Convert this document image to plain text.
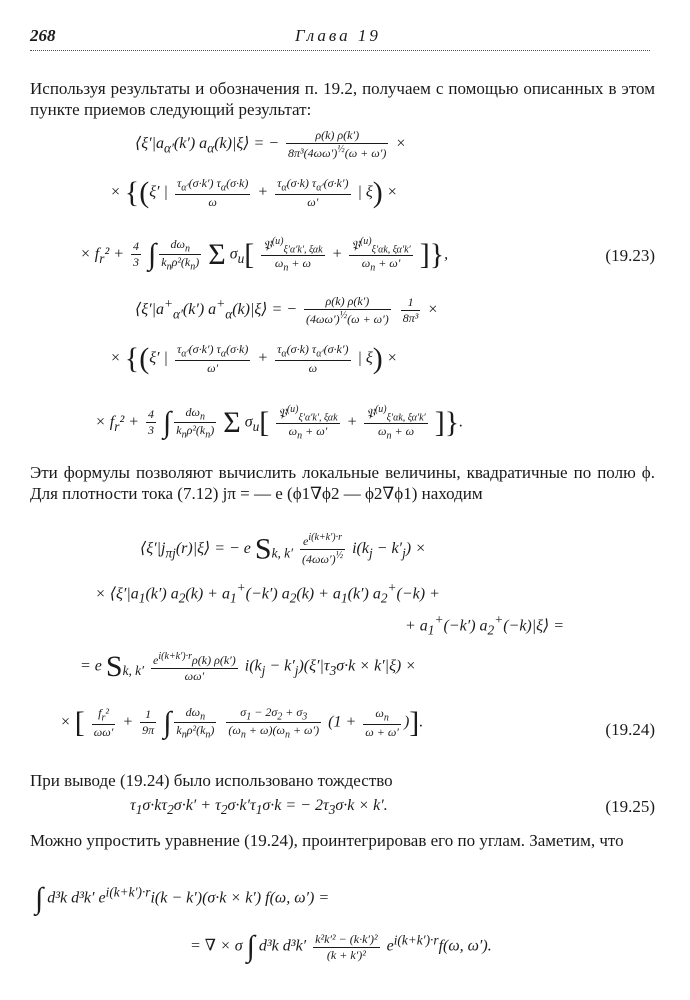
268	Глава 19
Используя результаты и обозначения п. 19.2, получаем с помощью описанных в этом пункте приемов следующий результат:
$⟨\xi'|a_{\alpha'}(k')$ $a_\alpha(k)|\xi⟩$ = − $\frac{\rho(k) \rho(k')}{8\pi^3(4\omega\omega')^{\frac{1}{2}}(\omega + \omega')}$ ×
× {(ξ′ | $\frac{\tau_{\alpha'}(\sigma\cdot k') \tau_\alpha(\sigma\cdot k)}{\omega} + \frac{\tau_\alpha(\sigma\cdot k) \tau_{\alpha'}(\sigma\cdot k')}{\omega'}$ | ξ) ×
× $f_r^2 + \frac{4}{3}$ ∫ $\frac{d\omega_n}{k_n\rho^2(k_n)}$ Σ $\sigma_u[ \frac{𝔓^{(u)}_{\xi'\alpha'k', \xi\alpha k}}{\omega_n + \omega} + \frac{𝔓^{(u)}_{\xi'\alpha k, \xi\alpha'k'}}{\omega_n + \omega'}$ ]},	(19.23)
$⟨\xi'|a^+_{\alpha'}(k')$ $a^+_\alpha(k)|\xi⟩$ = − $\frac{\rho(k) \rho(k')}{(4\omega\omega')^{\frac{1}{2}}(\omega + \omega')}$
$\frac{1}{\text{8π³}}$ ×
× {(ξ′ | $\frac{\tau_{\alpha'}(\sigma\cdot k') \tau_\alpha(\sigma\cdot k)}{\omega'} + \frac{\tau_\alpha(\sigma\cdot k) \tau_{\alpha'}(\sigma\cdot k')}{\omega}$ | ξ) ×
× $f_r^2 + \frac{4}{3}$ ∫ $\frac{d\omega_n}{k_n\rho^2(k_n)}$ Σ $\sigma_u[ \frac{𝔓^{(u)}_{\xi'\alpha'k', \xi\alpha k}}{\omega_n + \omega'} + \frac{𝔓^{(u)}_{\xi'\alpha k, \xi\alpha'k'}}{\omega_n + \omega}$ ]}.
Эти формулы позволяют вычислить локальные величины, квадратичные по полю ϕ. Для плотности тока (7.12) jπ = — e (ϕ1∇ϕ2 — ϕ2∇ϕ1) находим
$⟨\xi'|j_{\pi j}(r)|\xi⟩$ = − e $S_{k, k'} \frac{e^{i(k+k')\cdot r}}{(4\omega\omega')^{\frac{1}{2}}} i(k_j - k'_j)$ ×
× $⟨\xi'|a_1(k') a_2(k) + a_1^+(-k') a_2(k) + a_1(k') a_2^+(-k)$ +
+ $a_1^+(-k')$ $a_2^+(-k)|\xi⟩$ =
= e $S_{k, k'} \frac{e^{i(k+k')\cdot r}\rho(k) \rho(k')}{\omega\omega'} i(k_j - k'_j)(\xi'|\tau_3\sigma\cdot k \times k'|\xi)$ ×
× [ $\frac{f_r^2}{\omega\omega'} + \frac{1}{9\pi}$ ∫ $\frac{d\omega_n}{k_n\rho^2(k_n)}$
$\frac{\sigma_1 - 2\sigma_2 + \sigma_3}{(\omega_n + \omega)(\omega_n + \omega')} (1 + \frac{\omega_n}{\omega + \omega'}$ )].	(19.24)
При выводе (19.24) было использовано тождество
$\tau_1\sigma\cdot k\tau_2\sigma\cdot k' + \tau_2\sigma\cdot k'\tau_1\sigma\cdot k$ = − $2\tau_3\sigma\cdot k \times k'$.	(19.25)
Можно упростить уравнение (19.24), проинтегрировав его по углам. Заметим, что
∫ d³k d³k′ $e^{i(k+k')\cdot r}i(k - k')(\sigma\cdot k \times k')$ f(ω, ω′) =
= ∇ × σ ∫ d³k $d^3k' \frac{\text{k²k′² − (k·k′)²}}{\text{(k + k′)²}} e^{i(k+k')\cdot r}f(\omega$, ω′).
